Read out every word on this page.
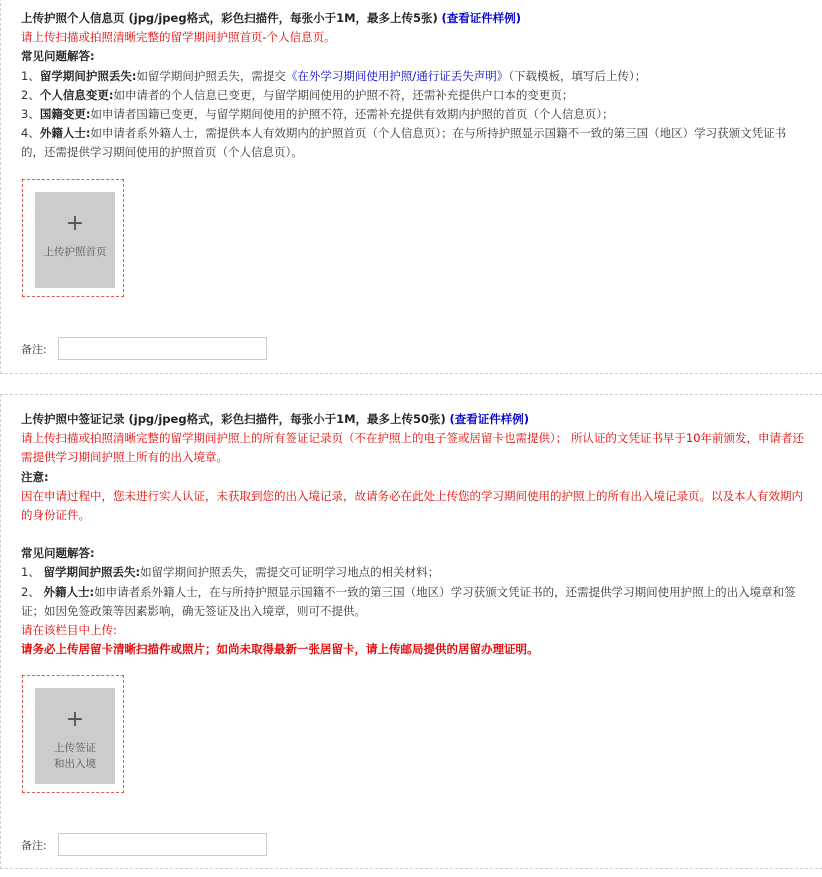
上传护照个人信息页 (jpg/jpeg格式，彩色扫描件，每张小于1M，最多上传5张) (查看证件样例)
请上传扫描或拍照清晰完整的留学期间护照首页-个人信息页。
常见问题解答:
1、留学期间护照丢失:如留学期间护照丢失，需提交《在外学习期间使用护照/通行证丢失声明》（下载模板，填写后上传）；
2、个人信息变更:如申请者的个人信息已变更，与留学期间使用的护照不符，还需补充提供户口本的变更页；
3、国籍变更:如申请者国籍已变更，与留学期间使用的护照不符，还需补充提供有效期内护照的首页（个人信息页）；
4、外籍人士:如申请者系外籍人士，需提供本人有效期内的护照首页（个人信息页）；在与所持护照显示国籍不一致的第三国（地区）学习获颁文凭证书的，还需提供学习期间使用的护照首页（个人信息页）。
+
上传护照首页
备注:
上传护照中签证记录 (jpg/jpeg格式，彩色扫描件，每张小于1M，最多上传50张) (查看证件样例)
请上传扫描或拍照清晰完整的留学期间护照上的所有签证记录页（不在护照上的电子签或居留卡也需提供）； 所认证的文凭证书早于10年前颁发，申请者还需提供学习期间护照上所有的出入境章。
注意:
因在申请过程中，您未进行实人认证，未获取到您的出入境记录，故请务必在此处上传您的学习期间使用的护照上的所有出入境记录页。以及本人有效期内的身份证件。
常见问题解答:
1、 留学期间护照丢失:如留学期间护照丢失，需提交可证明学习地点的相关材料；
2、 外籍人士:如申请者系外籍人士，在与所持护照显示国籍不一致的第三国（地区）学习获颁文凭证书的，还需提供学习期间使用护照上的出入境章和签证；如因免签政策等因素影响，确无签证及出入境章，则可不提供。
请在该栏目中上传:
请务必上传居留卡清晰扫描件或照片；如尚未取得最新一张居留卡，请上传邮局提供的居留办理证明。
+
上传签证
和出入境
备注:
